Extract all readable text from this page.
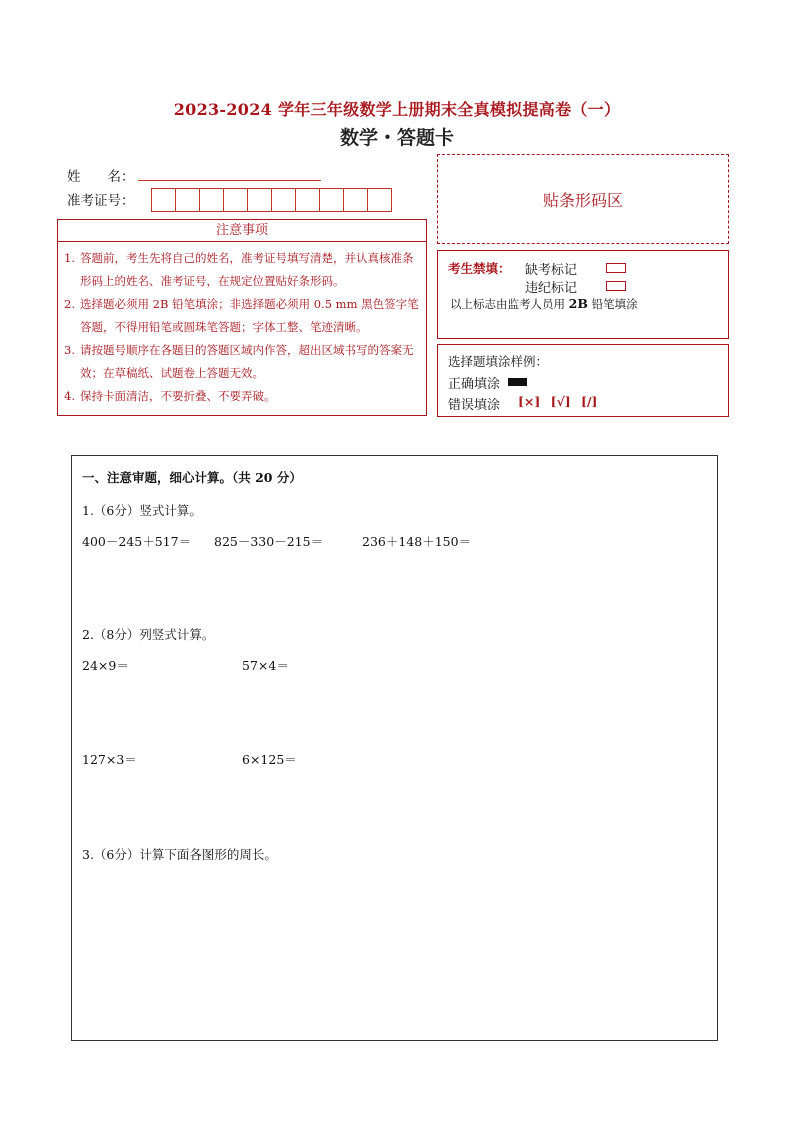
2023-2024 学年三年级数学上册期末全真模拟提高卷（一）
数学・答题卡
姓　　名：
准考证号：	贴条形码区
注意事项
1. 答题前，考生先将自己的姓名，准考证号填写清楚，并认真核准条形码上的姓名、准考证号，在规定位置贴好条形码。
2. 选择题必须用 2B 铅笔填涂；非选择题必须用 0.5 mm 黑色签字笔答题，不得用铅笔或圆珠笔答题；字体工整、笔迹清晰。
3. 请按题号顺序在各题目的答题区域内作答，超出区域书写的答案无效；在草稿纸、试题卷上答题无效。
4. 保持卡面清洁，不要折叠、不要弄破。
考生禁填： 缺考标记
违纪标记
以上标志由监考人员用 2B 铅笔填涂
选择题填涂样例：
正确填涂
错误填涂 [×] [√] [/]
一、注意审题，细心计算。（共 20 分）
1.（6分）竖式计算。
400－245＋517＝ 825－330－215＝	236＋148＋150＝
2.（8分）列竖式计算。
24×9＝	57×4＝
127×3＝	6×125＝
3.（6分）计算下面各图形的周长。
